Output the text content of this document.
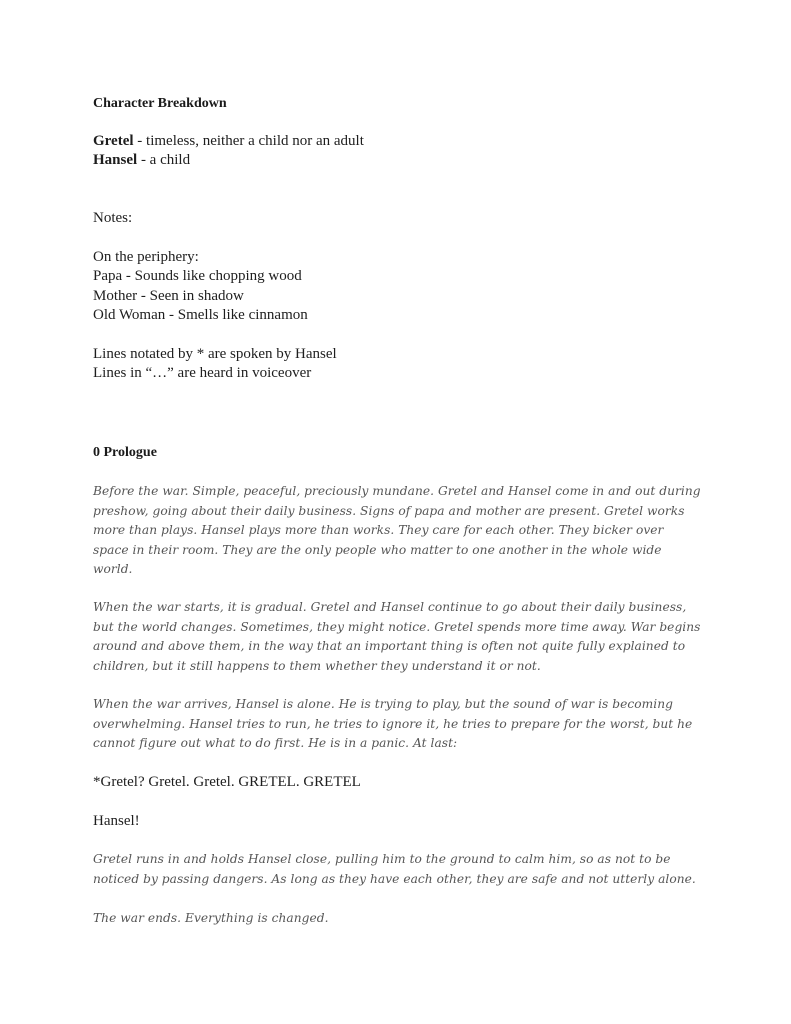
Character Breakdown
Gretel - timeless, neither a child nor an adult
Hansel - a child
Notes:
On the periphery:
Papa - Sounds like chopping wood
Mother - Seen in shadow
Old Woman - Smells like cinnamon
Lines notated by * are spoken by Hansel
Lines in “…” are heard in voiceover
0 Prologue
Before the war. Simple, peaceful, preciously mundane. Gretel and Hansel come in and out during
preshow, going about their daily business. Signs of papa and mother are present. Gretel works
more than plays. Hansel plays more than works. They care for each other. They bicker over
space in their room. They are the only people who matter to one another in the whole wide
world.
When the war starts, it is gradual. Gretel and Hansel continue to go about their daily business,
but the world changes. Sometimes, they might notice. Gretel spends more time away. War begins
around and above them, in the way that an important thing is often not quite fully explained to
children, but it still happens to them whether they understand it or not.
When the war arrives, Hansel is alone. He is trying to play, but the sound of war is becoming
overwhelming. Hansel tries to run, he tries to ignore it, he tries to prepare for the worst, but he
cannot figure out what to do first. He is in a panic. At last:
*Gretel? Gretel. Gretel. GRETEL. GRETEL
Hansel!
Gretel runs in and holds Hansel close, pulling him to the ground to calm him, so as not to be
noticed by passing dangers. As long as they have each other, they are safe and not utterly alone.
The war ends. Everything is changed.
